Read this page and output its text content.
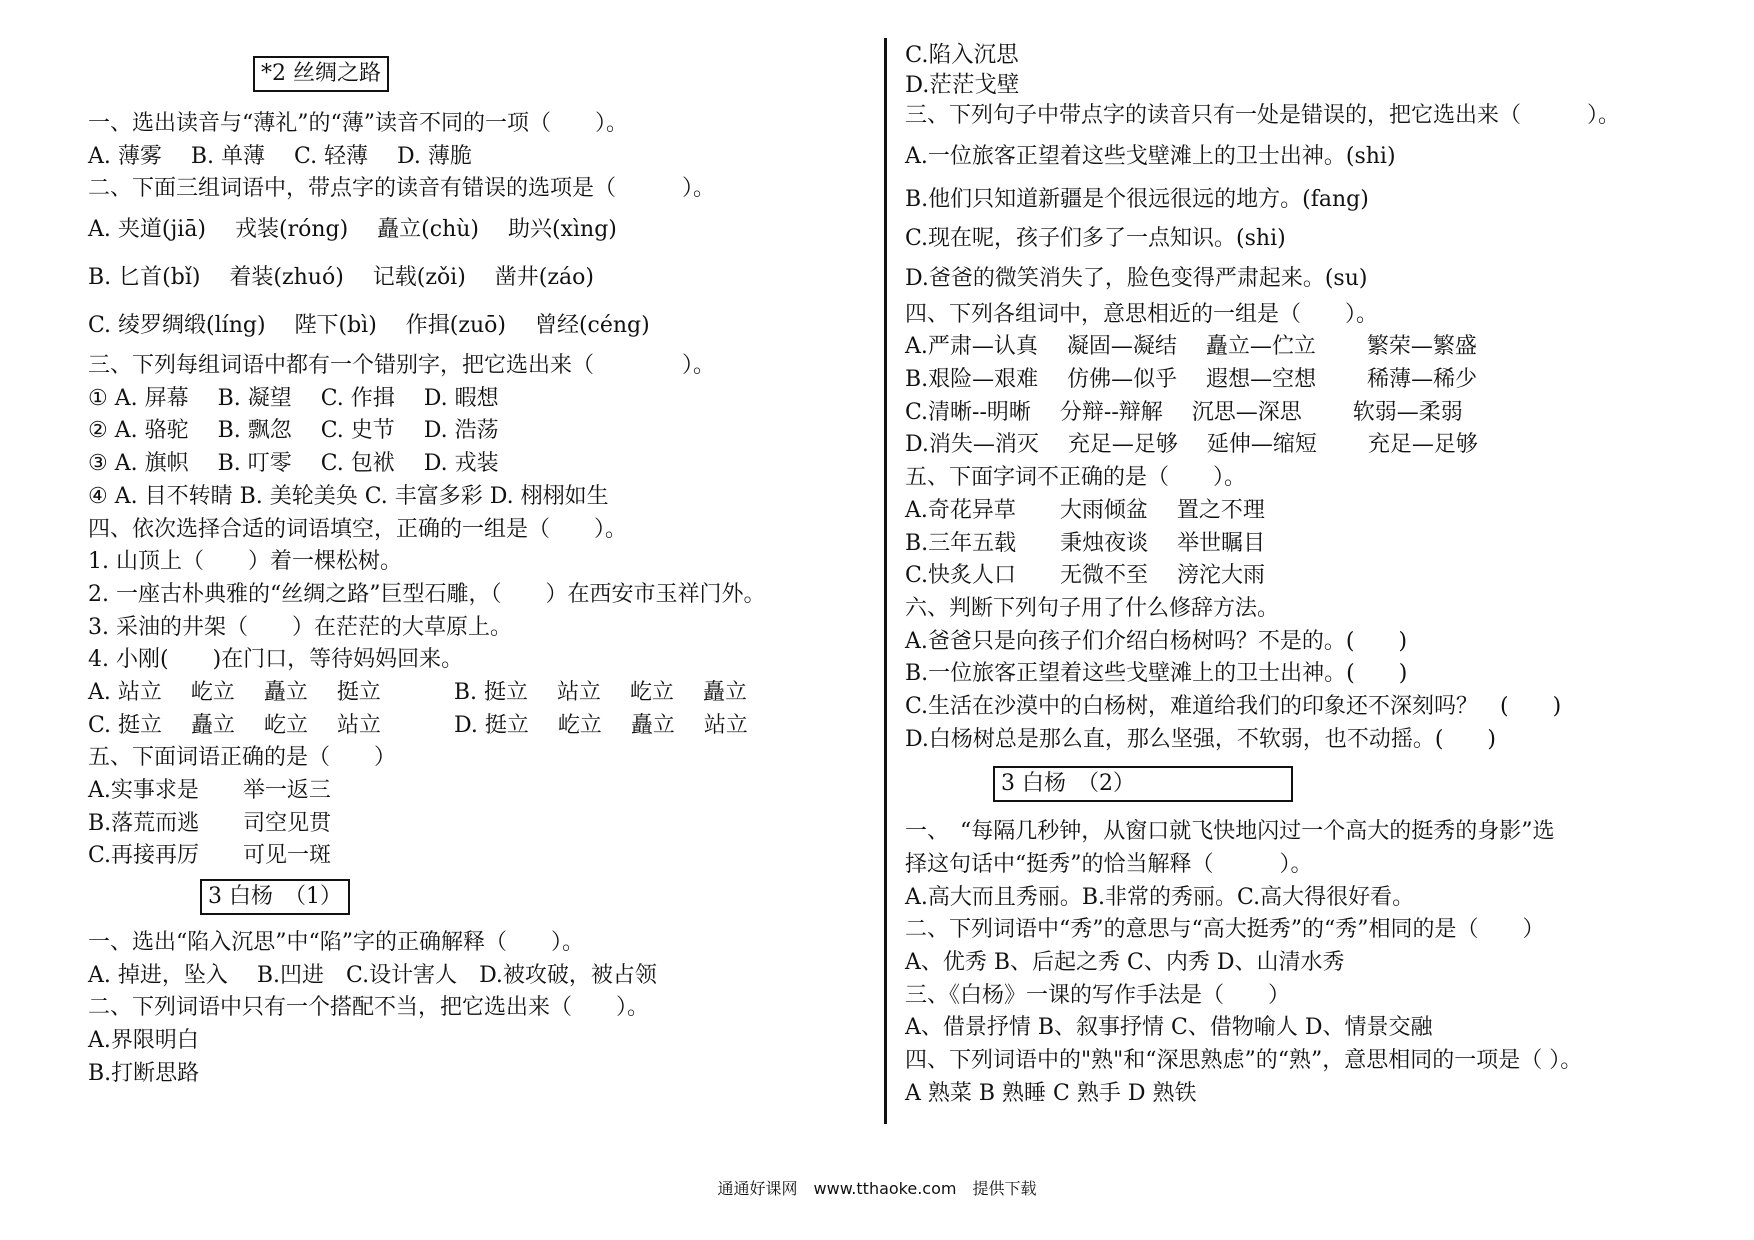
*2 丝绸之路
一、选出读音与“薄礼”的“薄”读音不同的一项（　　）。
A. 薄雾　 B. 单薄　 C. 轻薄　 D. 薄脆
二、下面三组词语中，带点字的读音有错误的选项是（　　　）。
A. 夹道(jiā)　 戎装(róng)　 矗立(chù)　 助兴(xìng)
B. 匕首(bǐ)　 着装(zhuó)　 记载(zǒi)　 凿井(záo)
C. 绫罗绸缎(líng)　 陛下(bì)　 作揖(zuō)　 曾经(céng)
三、下列每组词语中都有一个错别字，把它选出来（　　　　）。
① A. 屏幕　 B. 凝望　 C. 作揖　 D. 暇想
② A. 骆驼　 B. 飘忽　 C. 史节　 D. 浩荡
③ A. 旗帜　 B. 叮零　 C. 包袱　 D. 戎装
④ A. 目不转睛 B. 美轮美奂 C. 丰富多彩 D. 栩栩如生
四、依次选择合适的词语填空，正确的一组是（　　）。
1. 山顶上（　　）着一棵松树。
2. 一座古朴典雅的“丝绸之路”巨型石雕，（　　）在西安市玉祥门外。
3. 采油的井架（　　）在茫茫的大草原上。
4. 小刚(　　)在门口，等待妈妈回来。
A. 站立　 屹立　 矗立　 挺立　　　 B. 挺立　 站立　 屹立　 矗立
C. 挺立　 矗立　 屹立　 站立　　　 D. 挺立　 屹立　 矗立　 站立
五、下面词语正确的是（　　）
A.实事求是　　举一返三
B.落荒而逃　　司空见贯
C.再接再厉　　可见一斑
3 白杨　（1）
一、选出“陷入沉思”中“陷”字的正确解释（　　）。
A. 掉进，坠入　 B.凹进　C.设计害人　D.被攻破，被占领
二、下列词语中只有一个搭配不当，把它选出来（　　）。
A.界限明白
B.打断思路
C.陷入沉思
D.茫茫戈壁
三、下列句子中带点字的读音只有一处是错误的，把它选出来（　　　）。
A.一位旅客正望着这些戈壁滩上的卫士出神。(shi)
B.他们只知道新疆是个很远很远的地方。(fang)
C.现在呢，孩子们多了一点知识。(shi)
D.爸爸的微笑消失了，脸色变得严肃起来。(su)
四、下列各组词中，意思相近的一组是（　　）。
A.严肃—认真　 凝固—凝结　 矗立—伫立　　 繁荣—繁盛
B.艰险—艰难　 仿佛—似乎　 遐想—空想　　 稀薄—稀少
C.清晰--明晰　 分辩--辩解　 沉思—深思　　 软弱—柔弱
D.消失—消灭　 充足—足够　 延伸—缩短　　 充足—足够
五、下面字词不正确的是（　　）。
A.奇花异草　　大雨倾盆　 置之不理
B.三年五载　　秉烛夜谈　 举世瞩目
C.快炙人口　　无微不至　 滂沱大雨
六、判断下列句子用了什么修辞方法。
A.爸爸只是向孩子们介绍白杨树吗？不是的。(　　)
B.一位旅客正望着这些戈壁滩上的卫士出神。(　　)
C.生活在沙漠中的白杨树，难道给我们的印象还不深刻吗？　(　　)
D.白杨树总是那么直，那么坚强，不软弱，也不动摇。(　　)
3 白杨　（2）
一、　“每隔几秒钟，从窗口就飞快地闪过一个高大的挺秀的身影”选
择这句话中“挺秀”的恰当解释（　　　）。
A.高大而且秀丽。B.非常的秀丽。C.高大得很好看。
二、下列词语中“秀”的意思与“高大挺秀”的“秀”相同的是（　　）
A、优秀 B、后起之秀 C、内秀 D、山清水秀
三、《白杨》一课的写作手法是（　　）
A、借景抒情 B、叙事抒情 C、借物喻人 D、情景交融
四、下列词语中的"熟"和“深思熟虑”的“熟”，意思相同的一项是（ ）。
A 熟菜 B 熟睡 C 熟手 D 熟铁
通通好课网　www.tthaoke.com　提供下载
